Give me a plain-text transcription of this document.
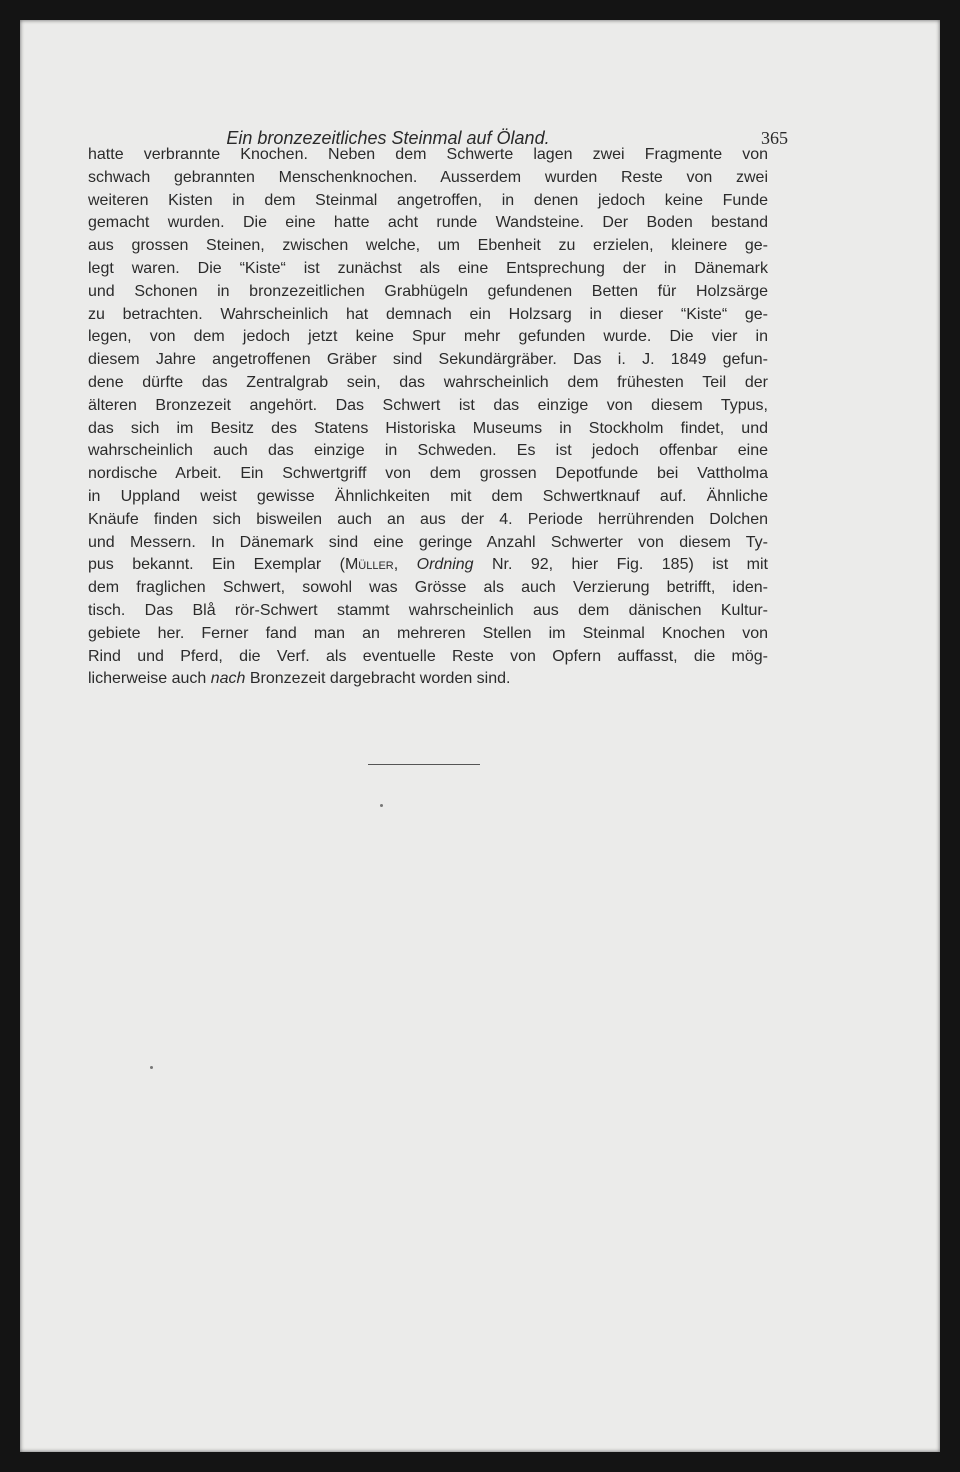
Ein bronzezeitliches Steinmal auf Öland.	365
hatte verbrannte Knochen. Neben dem Schwerte lagen zwei Fragmente von
schwach gebrannten Menschenknochen. Ausserdem wurden Reste von zwei
weiteren Kisten in dem Steinmal angetroffen, in denen jedoch keine Funde
gemacht wurden. Die eine hatte acht runde Wandsteine. Der Boden bestand
aus grossen Steinen, zwischen welche, um Ebenheit zu erzielen, kleinere ge-
legt waren. Die “Kiste“ ist zunächst als eine Entsprechung der in Dänemark
und Schonen in bronzezeitlichen Grabhügeln gefundenen Betten für Holzsärge
zu betrachten. Wahrscheinlich hat demnach ein Holzsarg in dieser “Kiste“ ge-
legen, von dem jedoch jetzt keine Spur mehr gefunden wurde. Die vier in
diesem Jahre angetroffenen Gräber sind Sekundärgräber. Das i. J. 1849 gefun-
dene dürfte das Zentralgrab sein, das wahrscheinlich dem frühesten Teil der
älteren Bronzezeit angehört. Das Schwert ist das einzige von diesem Typus,
das sich im Besitz des Statens Historiska Museums in Stockholm findet, und
wahrscheinlich auch das einzige in Schweden. Es ist jedoch offenbar eine
nordische Arbeit. Ein Schwertgriff von dem grossen Depotfunde bei Vattholma
in Uppland weist gewisse Ähnlichkeiten mit dem Schwertknauf auf. Ähnliche
Knäufe finden sich bisweilen auch an aus der 4. Periode herrührenden Dolchen
und Messern. In Dänemark sind eine geringe Anzahl Schwerter von diesem Ty-
pus bekannt. Ein Exemplar (Müller, Ordning Nr. 92, hier Fig. 185) ist mit
dem fraglichen Schwert, sowohl was Grösse als auch Verzierung betrifft, iden-
tisch. Das Blå rör-Schwert stammt wahrscheinlich aus dem dänischen Kultur-
gebiete her. Ferner fand man an mehreren Stellen im Steinmal Knochen von
Rind und Pferd, die Verf. als eventuelle Reste von Opfern auffasst, die mög-
licherweise auch nach Bronzezeit dargebracht worden sind.
